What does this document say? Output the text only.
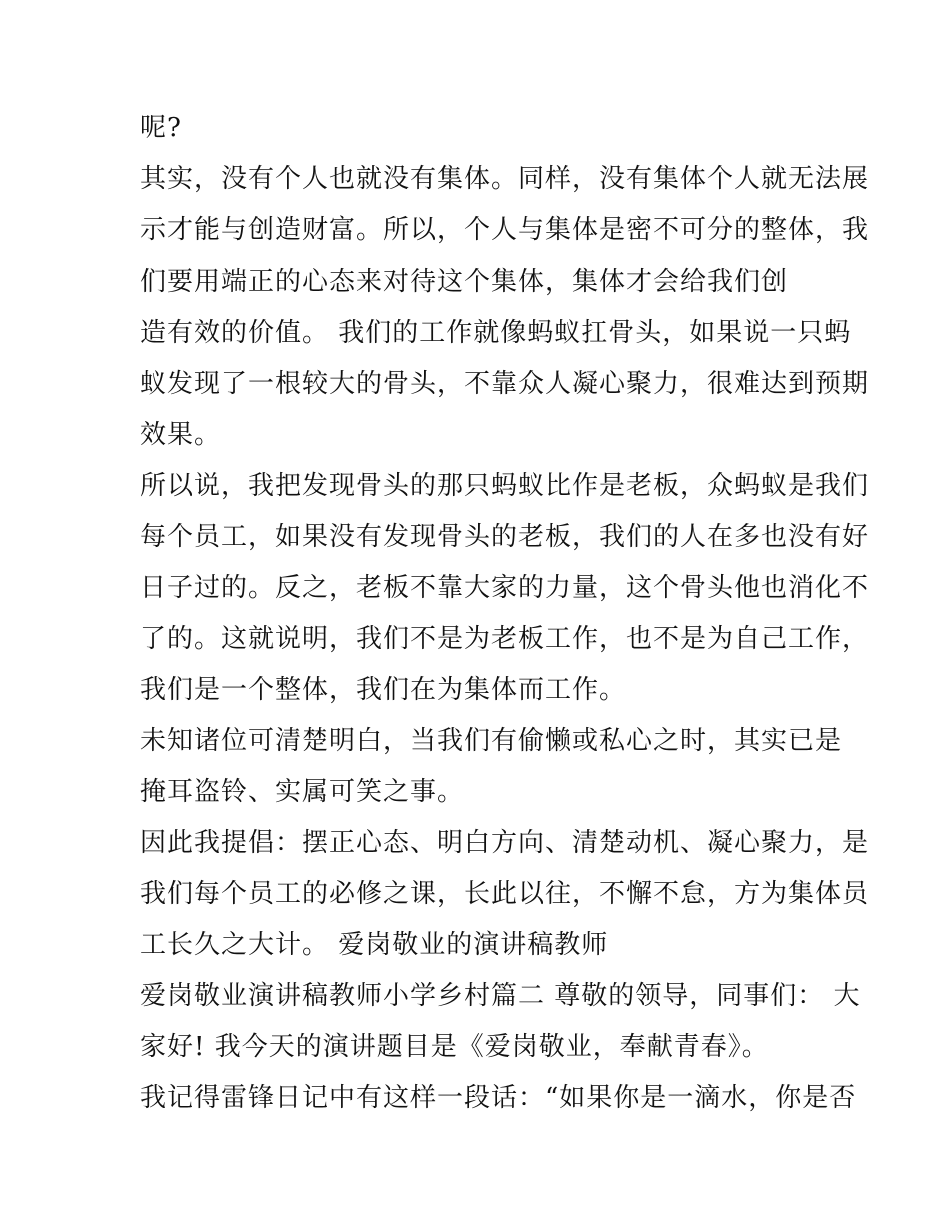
呢?
其实，没有个人也就没有集体。同样，没有集体个人就无法展
示才能与创造财富。所以，个人与集体是密不可分的整体，我
们要用端正的心态来对待这个集体，集体才会给我们创
造有效的价值。 我们的工作就像蚂蚁扛骨头，如果说一只蚂
蚁发现了一根较大的骨头，不靠众人凝心聚力，很难达到预期
效果。
所以说，我把发现骨头的那只蚂蚁比作是老板，众蚂蚁是我们
每个员工，如果没有发现骨头的老板，我们的人在多也没有好
日子过的。反之，老板不靠大家的力量，这个骨头他也消化不
了的。这就说明，我们不是为老板工作，也不是为自己工作，
我们是一个整体，我们在为集体而工作。
未知诸位可清楚明白，当我们有偷懒或私心之时，其实已是
掩耳盗铃、实属可笑之事。
因此我提倡：摆正心态、明白方向、清楚动机、凝心聚力，是
我们每个员工的必修之课，长此以往，不懈不怠，方为集体员
工长久之大计。 爱岗敬业的演讲稿教师
爱岗敬业演讲稿教师小学乡村篇二 尊敬的领导，同事们： 大
家好! 我今天的演讲题目是《爱岗敬业，奉献青春》。
我记得雷锋日记中有这样一段话：“如果你是一滴水，你是否
